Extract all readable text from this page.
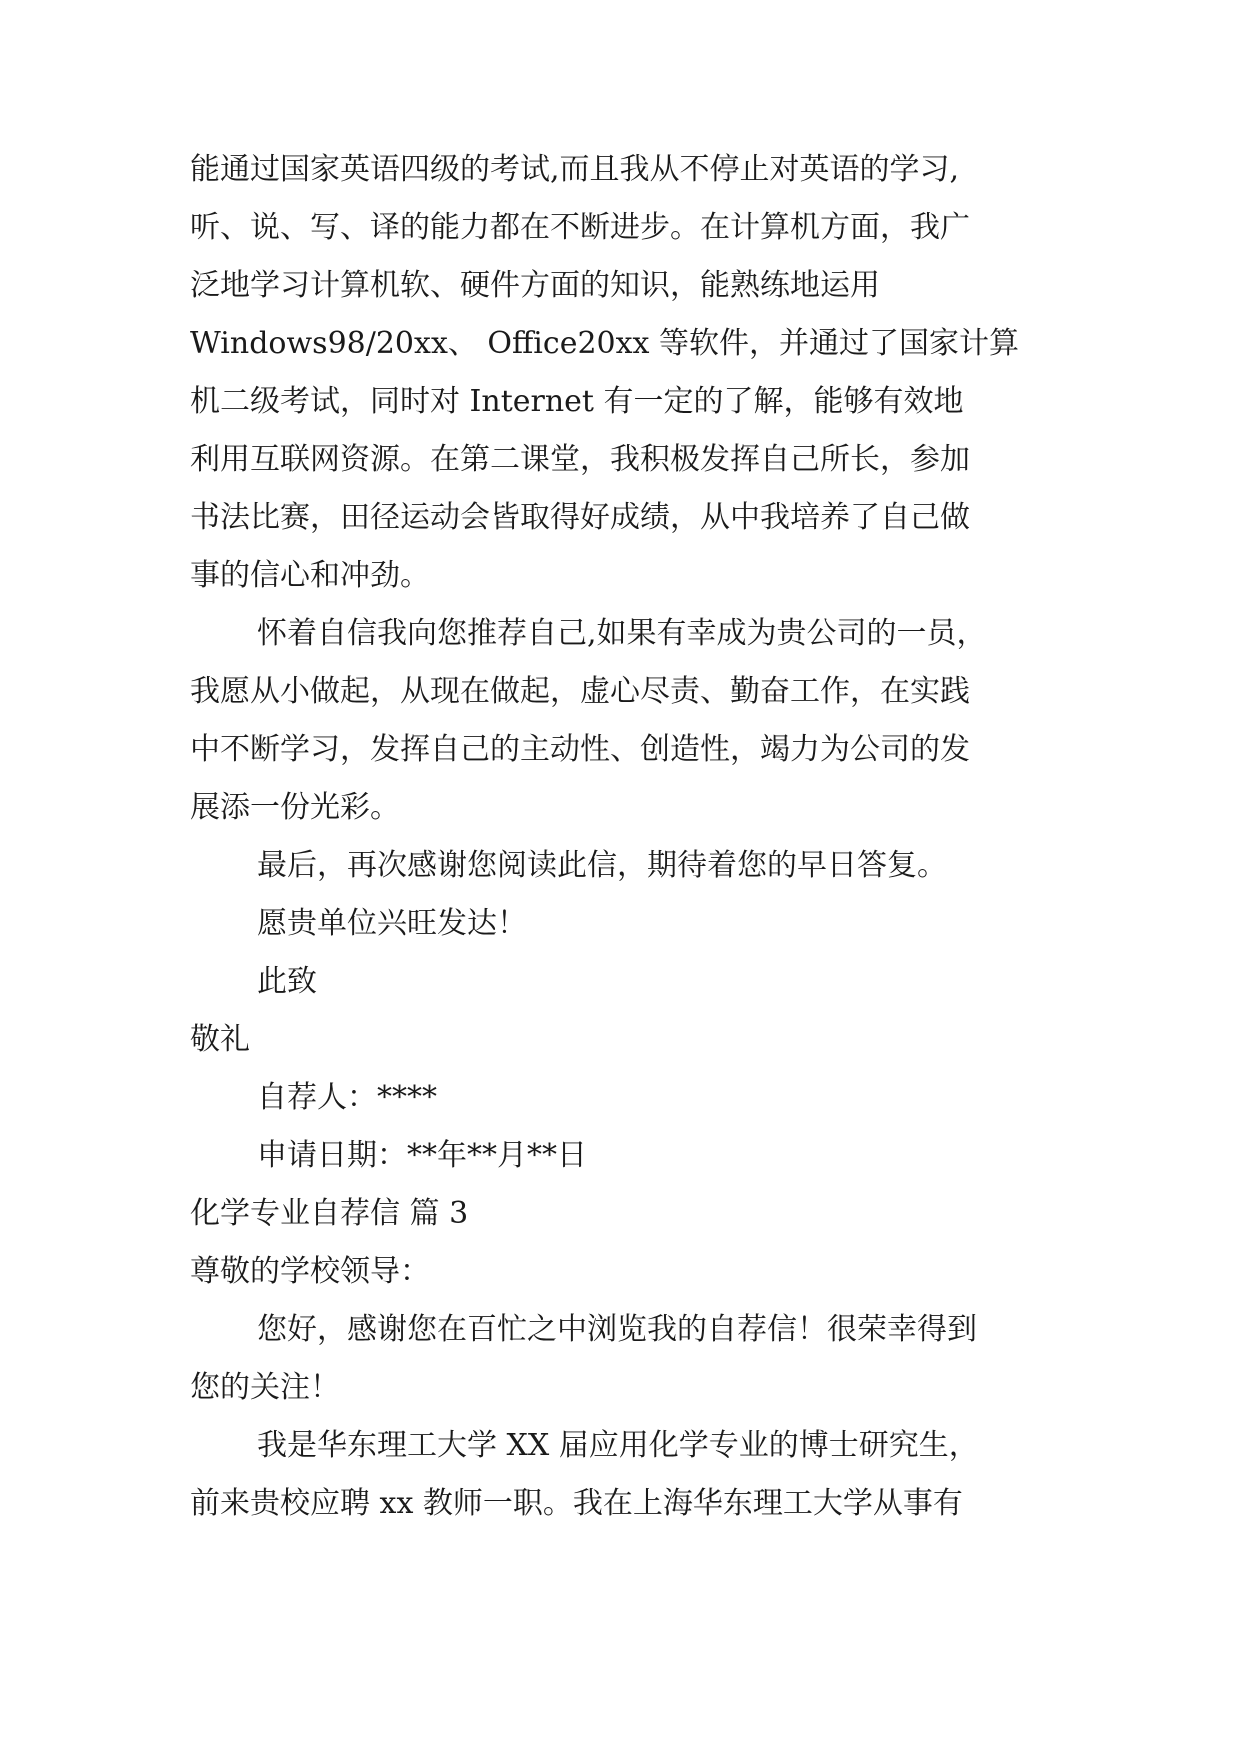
能通过国家英语四级的考试,而且我从不停止对英语的学习,
听、说、写、译的能力都在不断进步。在计算机方面，我广
泛地学习计算机软、硬件方面的知识，能熟练地运用
Windows98/20xx、 Office20xx 等软件，并通过了国家计算
机二级考试，同时对 Internet 有一定的了解，能够有效地
利用互联网资源。在第二课堂，我积极发挥自己所长，参加
书法比赛，田径运动会皆取得好成绩，从中我培养了自己做
事的信心和冲劲。
怀着自信我向您推荐自己,如果有幸成为贵公司的一员，
我愿从小做起，从现在做起，虚心尽责、勤奋工作，在实践
中不断学习，发挥自己的主动性、创造性，竭力为公司的发
展添一份光彩。
最后，再次感谢您阅读此信，期待着您的早日答复。
愿贵单位兴旺发达！
此致
敬礼
自荐人：****
申请日期：**年**月**日
化学专业自荐信 篇 3
尊敬的学校领导：
您好，感谢您在百忙之中浏览我的自荐信！很荣幸得到
您的关注！
我是华东理工大学 XX 届应用化学专业的博士研究生，
前来贵校应聘 xx 教师一职。我在上海华东理工大学从事有
